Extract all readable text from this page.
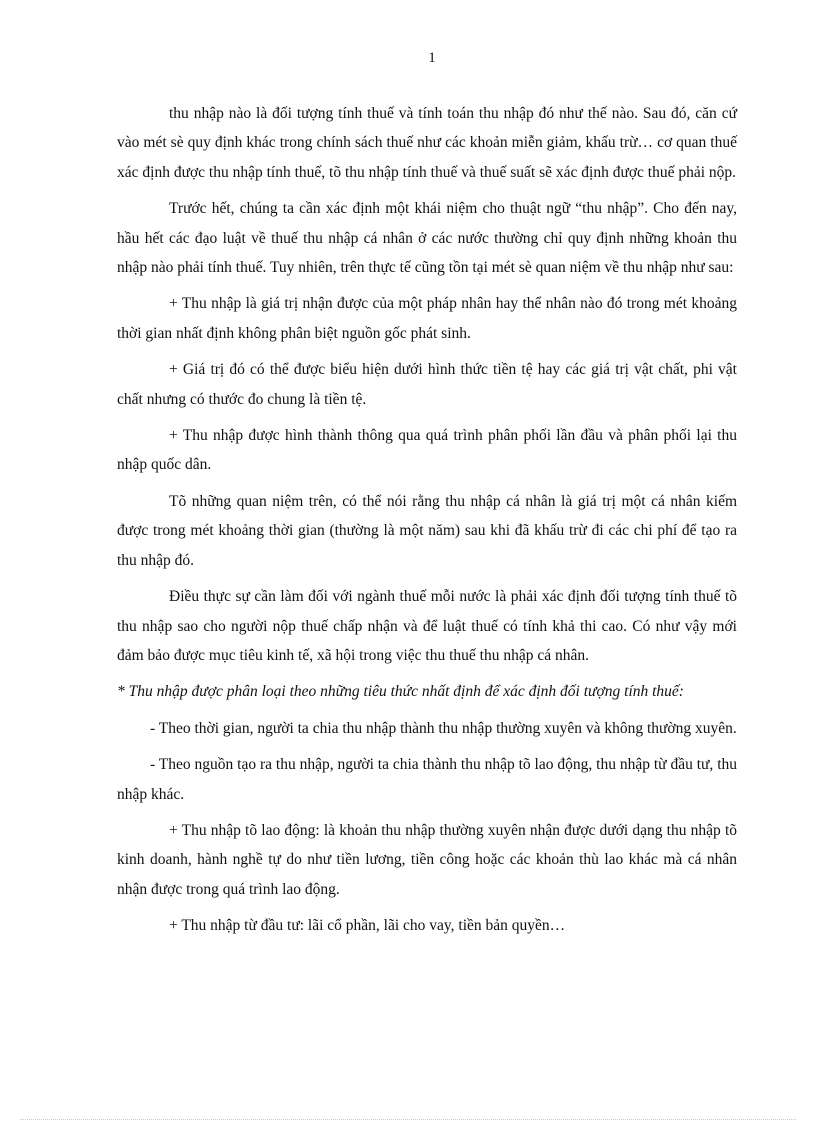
1

thu nhập nào là đối tượng tính thuế và tính toán thu nhập đó như thế nào. Sau đó, căn cứ vào mét sè quy định khác trong chính sách thuế như các khoản miễn giảm, khấu trừ… cơ quan thuế xác định được thu nhập tính thuế, tõ thu nhập tính thuế và thuế suất sẽ xác định được thuế phải nộp.

Trước hết, chúng ta cần xác định một khái niệm cho thuật ngữ “thu nhập”. Cho đến nay, hầu hết các đạo luật về thuế thu nhập cá nhân ở các nước thường chỉ quy định những khoản thu nhập nào phải tính thuế. Tuy nhiên, trên thực tế cũng tồn tại mét sè quan niệm về thu nhập như sau:

+ Thu nhập là giá trị nhận được của một pháp nhân hay thể nhân nào đó trong mét khoảng thời gian nhất định không phân biệt nguồn gốc phát sinh.

+ Giá trị đó có thể được biểu hiện dưới hình thức tiền tệ hay các giá trị vật chất, phi vật chất nhưng có thước đo chung là tiền tệ.

+ Thu nhập được hình thành thông qua quá trình phân phối lần đầu và phân phối lại thu nhập quốc dân.

Tõ những quan niệm trên, có thể nói rằng thu nhập cá nhân là giá trị một cá nhân kiếm được trong mét khoảng thời gian (thường là một năm) sau khi đã khấu trừ đi các chi phí để tạo ra thu nhập đó.

Điều thực sự cần làm đối với ngành thuế mỗi nước là phải xác định đối tượng tính thuế tõ thu nhập sao cho người nộp thuế chấp nhận và để luật thuế có tính khả thi cao. Có như vậy mới đảm bảo được mục tiêu kinh tế, xã hội trong việc thu thuế thu nhập cá nhân.

* Thu nhập được phân loại theo những tiêu thức nhất định để xác định đối tượng tính thuế:

- Theo thời gian, người ta chia thu nhập thành thu nhập thường xuyên và không thường xuyên.

- Theo nguồn tạo ra thu nhập, người ta chia thành thu nhập tõ lao động, thu nhập từ đầu tư, thu nhập khác.

+ Thu nhập tõ lao động: là khoản thu nhập thường xuyên nhận được dưới dạng thu nhập tõ kinh doanh, hành nghề tự do như tiền lương, tiền công hoặc các khoản thù lao khác mà cá nhân nhận được trong quá trình lao động.

+ Thu nhập từ đầu tư: lãi cổ phần, lãi cho vay, tiền bản quyền…
